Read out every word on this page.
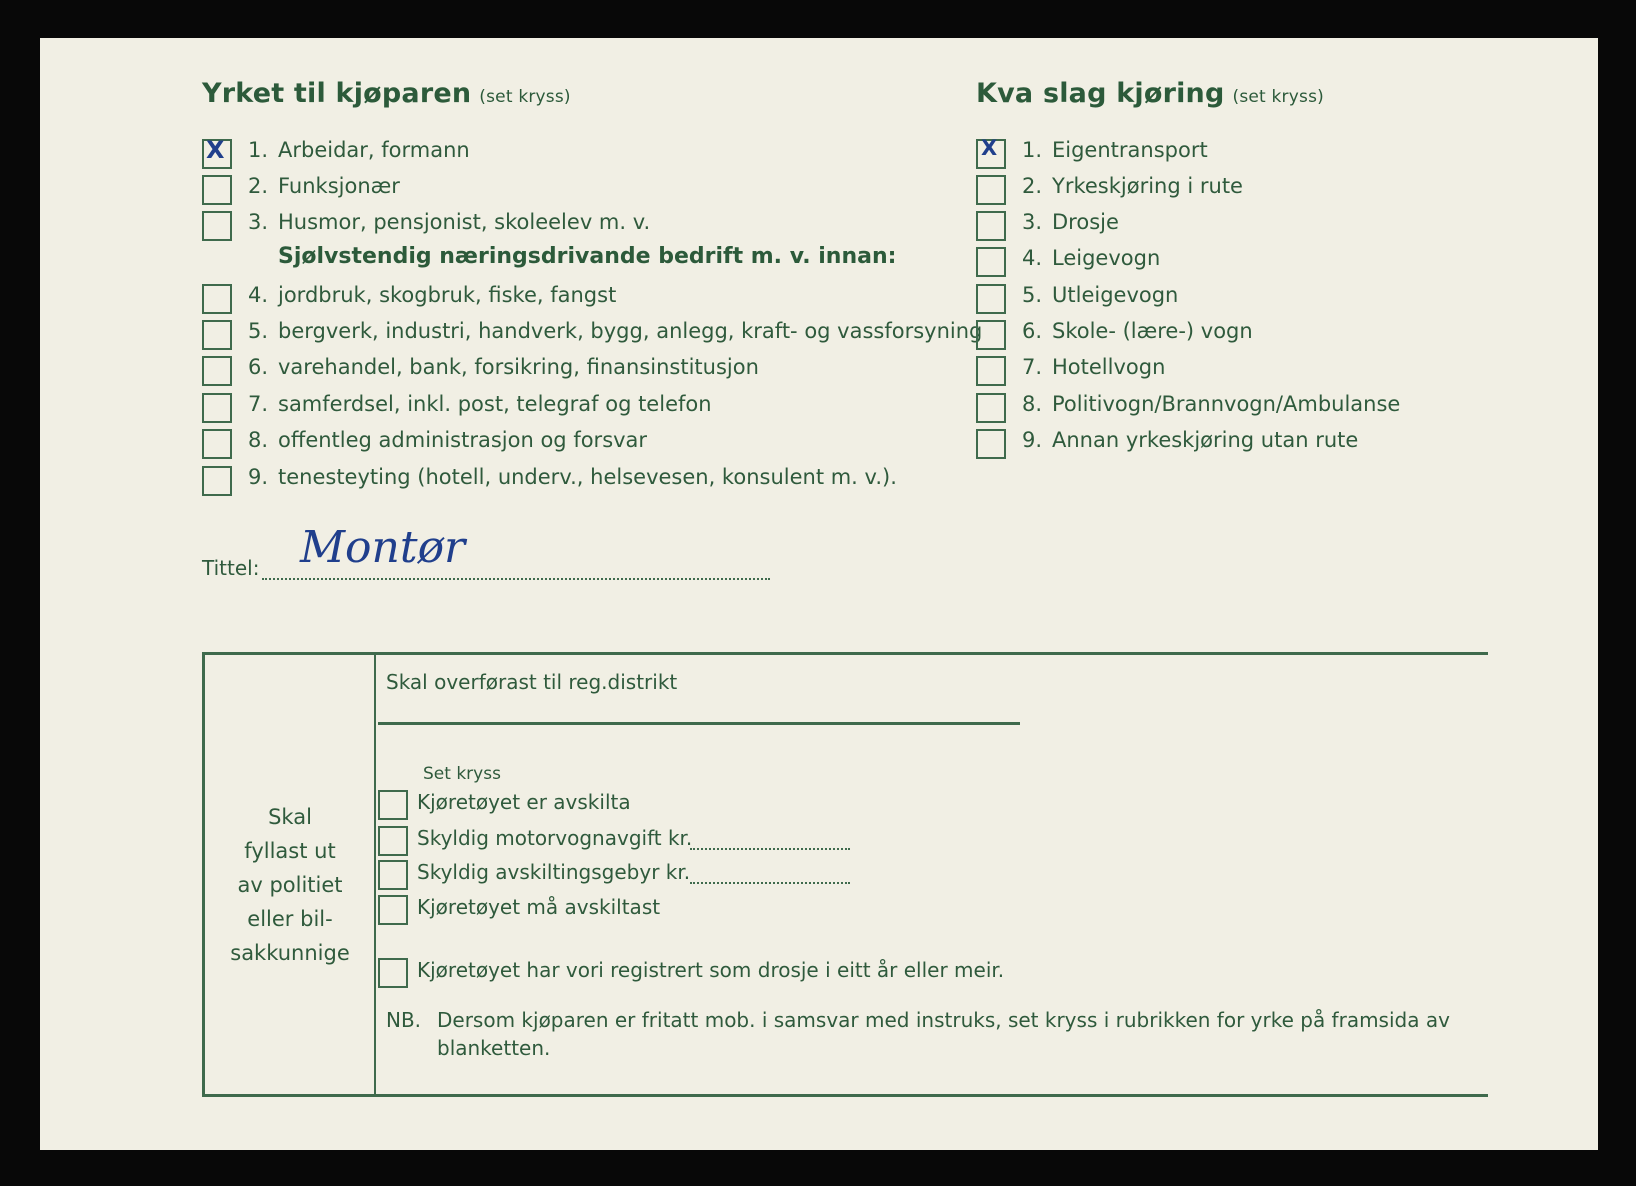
Yrket til kjøparen (set kryss)
X 1. Arbeidar, formann
2. Funksjonær
3. Husmor, pensjonist, skoleelev m. v.
Sjølvstendig næringsdrivande bedrift m. v. innan:
4. jordbruk, skogbruk, fiske, fangst
5. bergverk, industri, handverk, bygg, anlegg, kraft- og vassforsyning
6. varehandel, bank, forsikring, finansinstitusjon
7. samferdsel, inkl. post, telegraf og telefon
8. offentleg administrasjon og forsvar
9. tenesteyting (hotell, underv., helsevesen, konsulent m. v.).
Kva slag kjøring (set kryss)
X 1. Eigentransport
2. Yrkeskjøring i rute
3. Drosje
4. Leigevogn
5. Utleigevogn
6. Skole- (lære-) vogn
7. Hotellvogn
8. Politivogn/Brannvogn/Ambulanse
9. Annan yrkeskjøring utan rute
Tittel: Montør
Skal
fyllast ut
av politiet
eller bil-
sakkunnige
Skal overførast til reg.distrikt
Set kryss
Kjøretøyet er avskilta
Skyldig motorvognavgift kr.
Skyldig avskiltingsgebyr kr.
Kjøretøyet må avskiltast
Kjøretøyet har vori registrert som drosje i eitt år eller meir.
NB. Dersom kjøparen er fritatt mob. i samsvar med instruks, set kryss i rubrikken for yrke på framsida av
blanketten.
